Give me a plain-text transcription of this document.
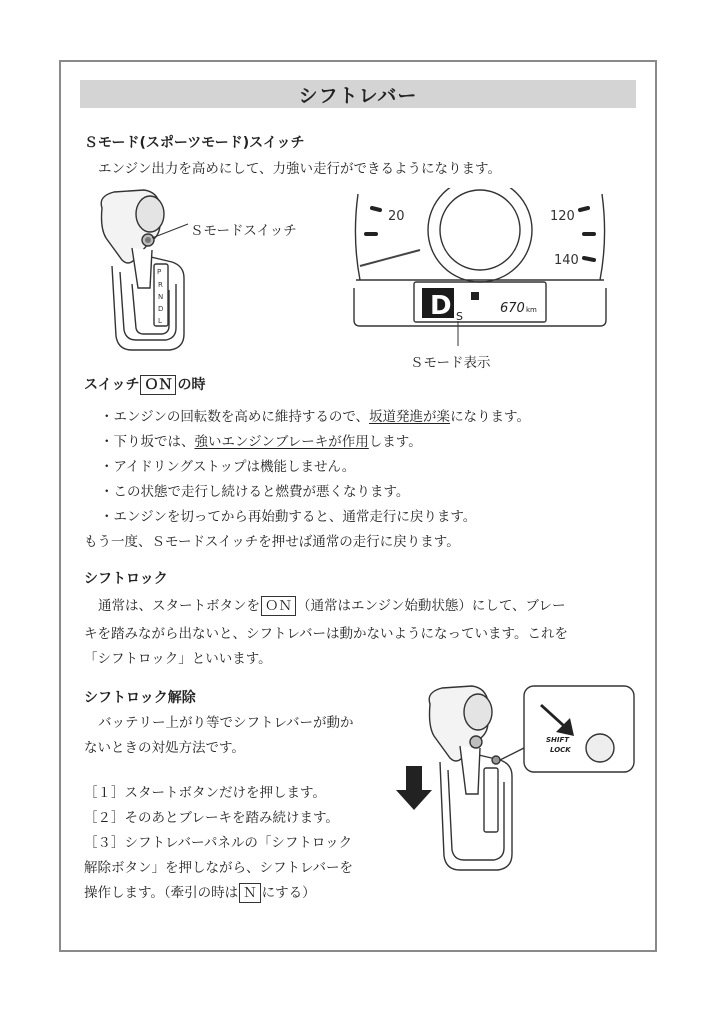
シフトレバー
Ｓモード(スポーツモード)スイッチ
エンジン出力を高めにして、力強い走行ができるようになります。
P
R
N
D
L
Ｓモードスイッチ
20	120
140
D S
670 km
Ｓモード表示
スイッチ ＯＮ の時
・エンジンの回転数を高めに維持するので、坂道発進が楽になります。
・下り坂では、強いエンジンブレーキが作用します。
・アイドリングストップは機能しません。
・この状態で走行し続けると燃費が悪くなります。
・エンジンを切ってから再始動すると、通常走行に戻ります。
もう一度、Ｓモードスイッチを押せば通常の走行に戻ります。
シフトロック
通常は、スタートボタンを ＯＮ （通常はエンジン始動状態）にして、ブレー
キを踏みながら出ないと、シフトレバーは動かないようになっています。これを
「シフトロック」といいます。
シフトロック解除
バッテリー上がり等でシフトレバーが動か
ないときの対処方法です。
［１］スタートボタンだけを押します。
［２］そのあとブレーキを踏み続けます。
［３］シフトレバーパネルの「シフトロック
解除ボタン」を押しながら、シフトレバーを
操作します。（牽引の時は Ｎ にする）
SHIFT
LOCK
